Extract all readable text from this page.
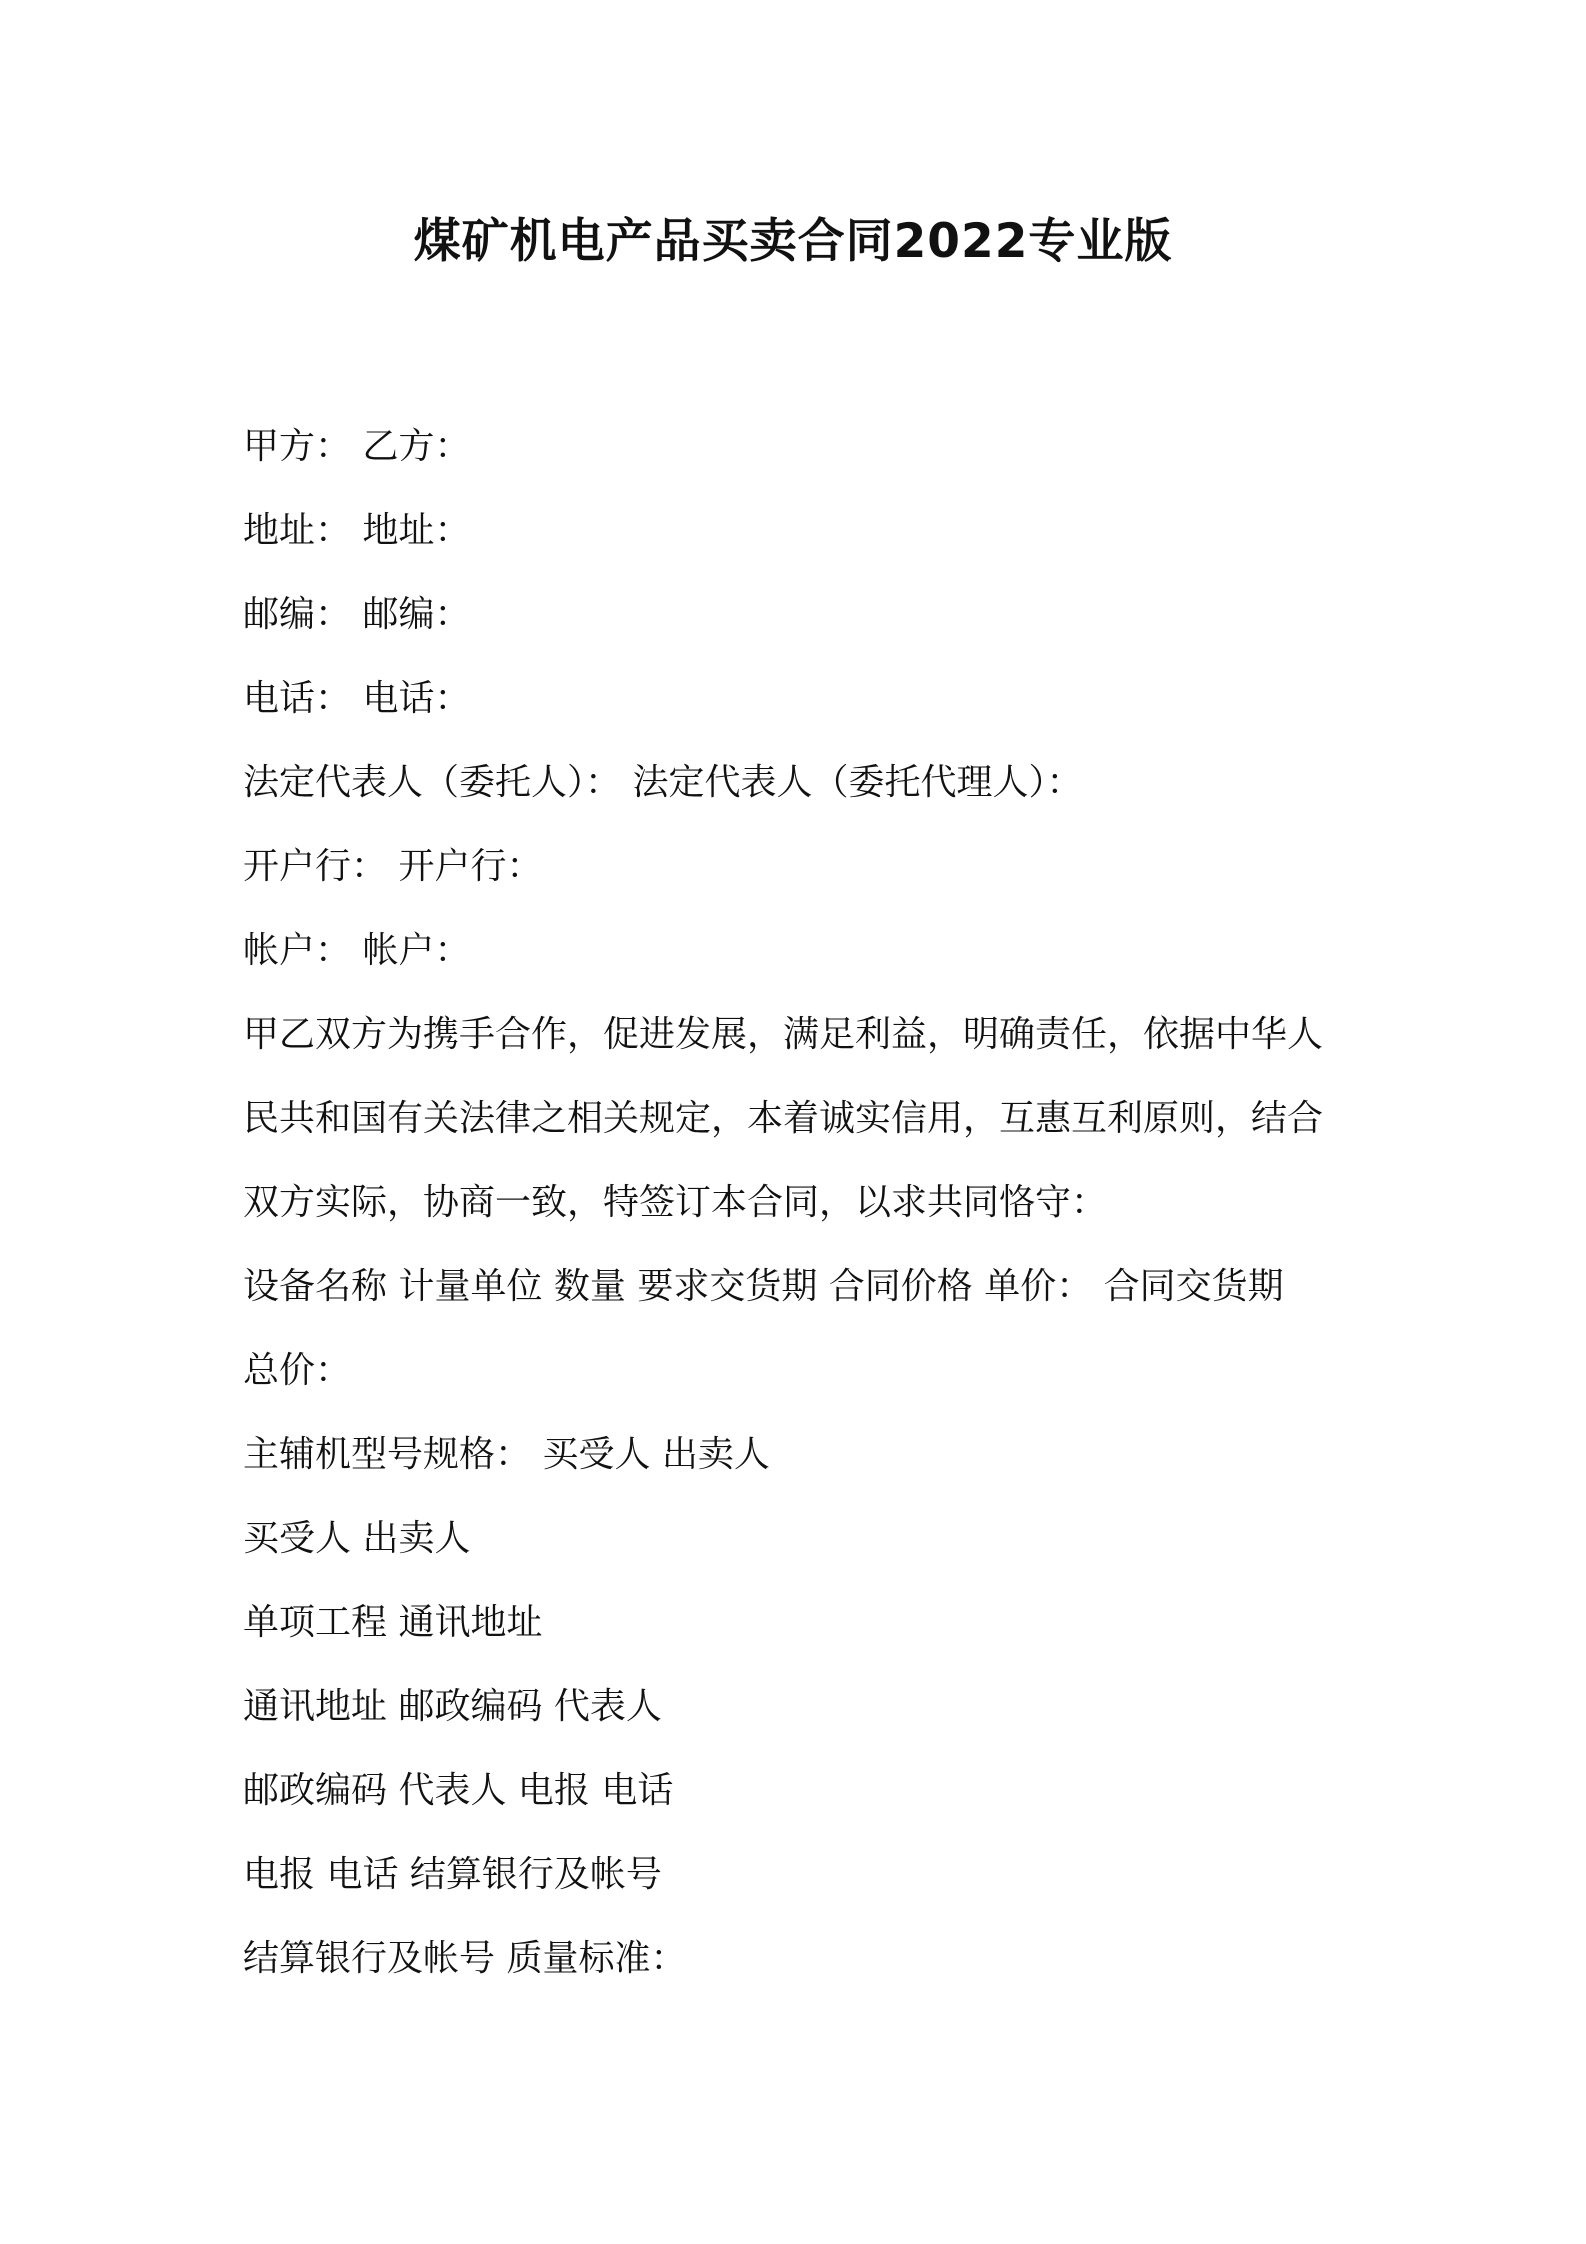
煤矿机电产品买卖合同2022专业版

甲方： 乙方：

地址： 地址：

邮编： 邮编：

电话： 电话：

法定代表人（委托人）： 法定代表人（委托代理人）：

开户行： 开户行：

帐户： 帐户：

甲乙双方为携手合作，促进发展，满足利益，明确责任，依据中华人

民共和国有关法律之相关规定，本着诚实信用，互惠互利原则，结合

双方实际，协商一致，特签订本合同，以求共同恪守：

设备名称 计量单位 数量 要求交货期 合同价格 单价： 合同交货期

总价：

主辅机型号规格： 买受人 出卖人

买受人 出卖人

单项工程 通讯地址

通讯地址 邮政编码 代表人

邮政编码 代表人 电报 电话

电报 电话 结算银行及帐号

结算银行及帐号 质量标准：
